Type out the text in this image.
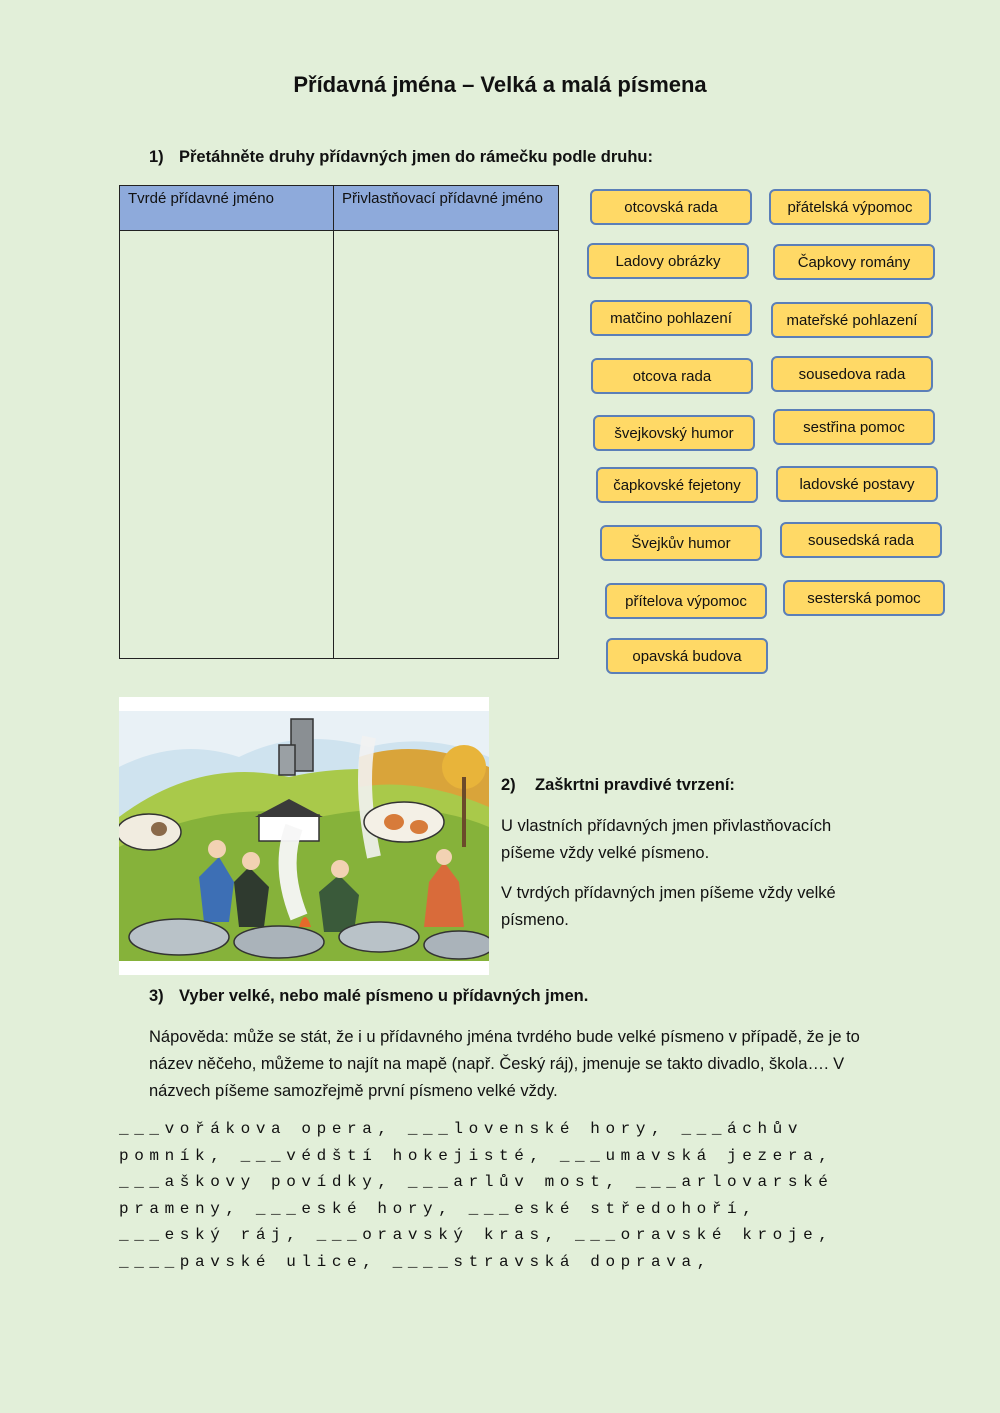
Přídavná jména – Velká a malá písmena
1) Přetáhněte druhy přídavných jmen do rámečku podle druhu:
Tvrdé přídavné jméno	Přivlastňovací přídavné jméno	otcovská rada	přátelská výpomoc
Ladovy obrázky	Čapkovy romány
matčino pohlazení	mateřské pohlazení
otcova rada	sousedova rada
švejkovský humor	sestřina pomoc
čapkovské fejetony	ladovské postavy
Švejkův humor	sousedská rada
přítelova výpomoc	sesterská pomoc
opavská budova
2) Zaškrtni pravdivé tvrzení:
U vlastních přídavných jmen přivlastňovacích píšeme vždy velké písmeno.
V tvrdých přídavných jmen píšeme vždy velké písmeno.
3) Vyber velké, nebo malé písmeno u přídavných jmen.
Nápověda: může se stát, že i u přídavného jména tvrdého bude velké písmeno v případě, že je to název něčeho, můžeme to najít na mapě (např. Český ráj), jmenuje se takto divadlo, škola…. V názvech píšeme samozřejmě první písmeno velké vždy.
___vořákova opera, ___lovenské hory, ___áchův
pomník, ___védští hokejisté, ___umavská jezera,
___aškovy povídky, ___arlův most, ___arlovarské
prameny, ___eské hory, ___eské středohoří,
___eský ráj, ___oravský kras, ___oravské kroje,
____pavské ulice, ____stravská doprava,
